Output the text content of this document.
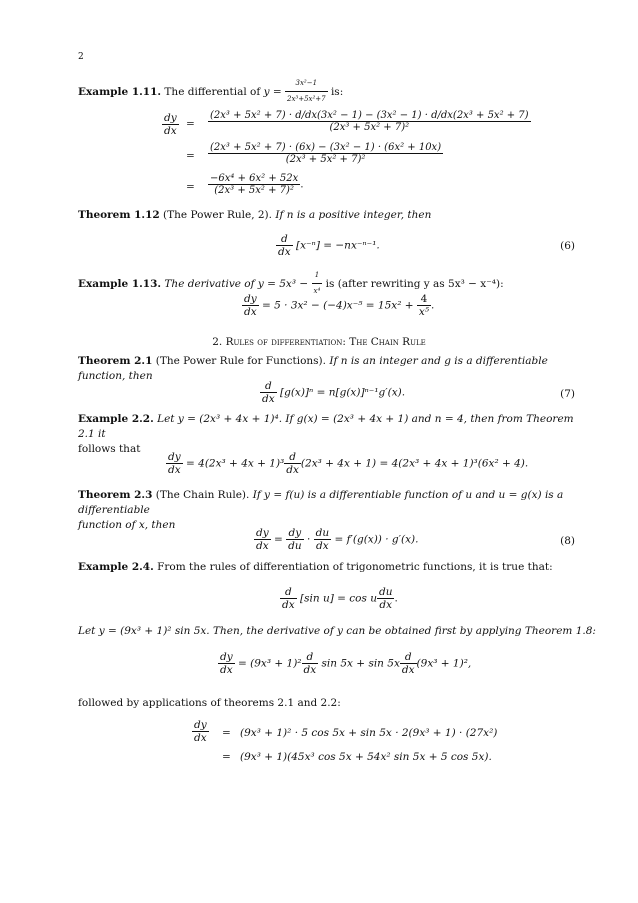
2
Example 1.11. The differential of $y = \frac{\text{3x²−1}}{\text{2x³+5x²+7}}$ is:
$\frac{dy}{dx}$ =
(2x³ + 5x² + 7) · d/dx(3x² − 1) − (3x² − 1) · d/dx(2x³ + 5x² + 7)
(2x³ + 5x² + 7)²
= $\frac{\text{(2x³ + 5x² + 7) · (6x) − (3x² − 1) · (6x² + 10x)}}{\text{(2x³ + 5x² + 7)²}}$
= $\frac{\text{−6x⁴ + 6x² + 52x}}{\text{(2x³ + 5x² + 7)²}}$ .
Theorem 1.12 (The Power Rule, 2). If n is a positive integer, then
$\frac{d}{dx} [x^{-n}] = -nx^{-n-1}$.	(6)
Example 1.13. The derivative of $y = 5x^3 - \frac{1}{\text{x⁴}}$ is (after rewriting y as 5x³ − x⁻⁴):
$\frac{dy}{dx} = 5 \cdot 3x^2 - (-4)x^{-5} = 15x^2 + \frac{4}{\text{x⁵}}$ .
2. Rules of differentiation: The Chain Rule
Theorem 2.1 (The Power Rule for Functions). If n is an integer and g is a differentiable function, then
$\frac{d}{dx} [g(x)]^n = n[g(x)]^{n-1}g'(x)$.	(7)
Example 2.2. Let y = (2x³ + 4x + 1)⁴. If g(x) = (2x³ + 4x + 1) and n = 4, then from Theorem 2.1 it
follows that
$\frac{dy}{dx} = 4(2x^3 + 4x + 1)^3 \frac{d}{dx} (2x^3 + 4x + 1) = 4(2x^3 + 4x + 1)^3(6x^2 + 4)$.
Theorem 2.3 (The Chain Rule). If y = f(u) is a differentiable function of u and u = g(x) is a differentiable
function of x, then
$\frac{dy}{dx} = \frac{dy}{du} \cdot \frac{du}{dx} = f'(g(x)) \cdot g'(x)$.	(8)
Example 2.4. From the rules of differentiation of trigonometric functions, it is true that:
$\frac{d}{dx} [\sin$ u] = cos u $\frac{du}{dx}$ .
Let y = (9x³ + 1)² sin 5x. Then, the derivative of y can be obtained first by applying Theorem 1.8:
$\frac{dy}{dx} = (9x^3 + 1)^2 \frac{d}{dx}$ $\sin 5x + \sin 5x \frac{d}{dx} (9x^3 + 1)^2$,
followed by applications of theorems 2.1 and 2.2:
$\frac{dy}{dx} = (9x^3 + 1)^2 \cdot 5$ cos 5x + sin 5x · 2(9x³ + 1) · (27x²)
= (9x³ + 1)(45x³ cos 5x + 54x² sin 5x + 5 cos 5x).
